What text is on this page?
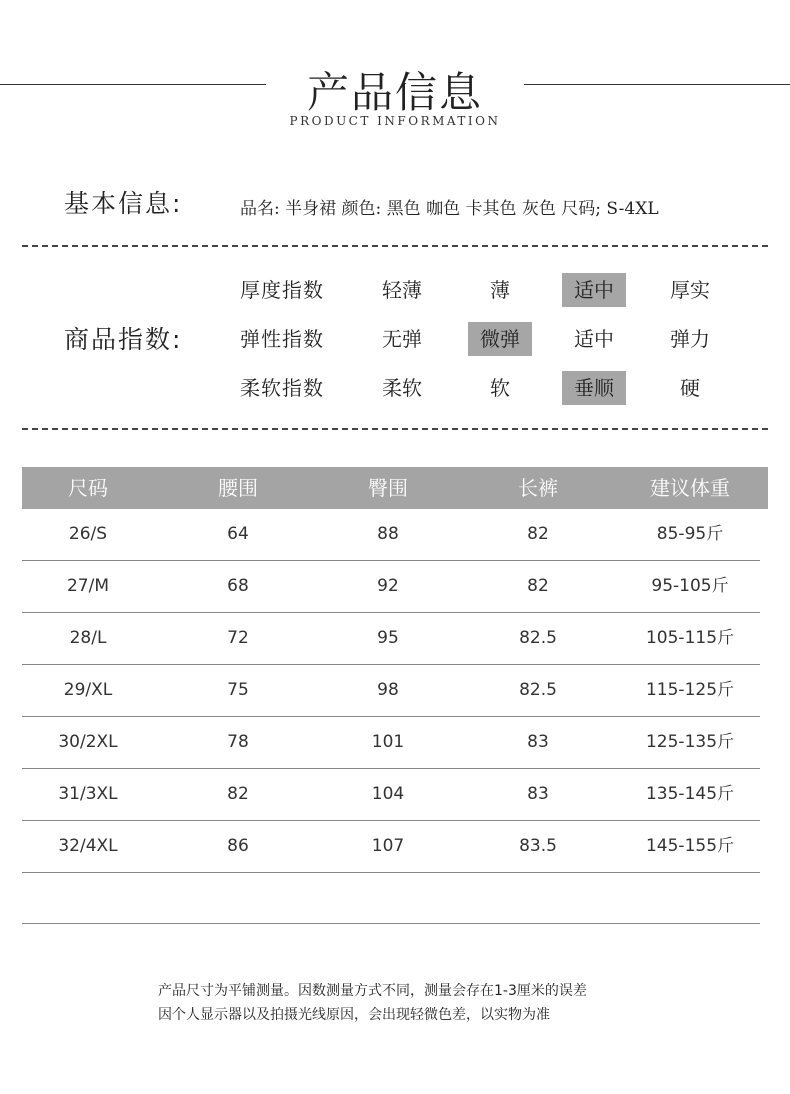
产品信息
PRODUCT INFORMATION
基本信息:	品名: 半身裙 颜色: 黑色 咖色 卡其色 灰色 尺码; S-4XL
商品指数:
厚度指数	轻薄	薄	适中	厚实
弹性指数	无弹	微弹	适中	弹力
柔软指数	柔软	软	垂顺	硬
尺码	腰围	臀围	长裤	建议体重
26/S	64	88	82	85-95斤
27/M	68	92	82	95-105斤
28/L	72	95	82.5	105-115斤
29/XL	75	98	82.5	115-125斤
30/2XL	78	101	83	125-135斤
31/3XL	82	104	83	135-145斤
32/4XL	86	107	83.5	145-155斤
产品尺寸为平铺测量。因数测量方式不同，测量会存在1-3厘米的误差
因个人显示器以及拍摄光线原因，会出现轻微色差，以实物为准
